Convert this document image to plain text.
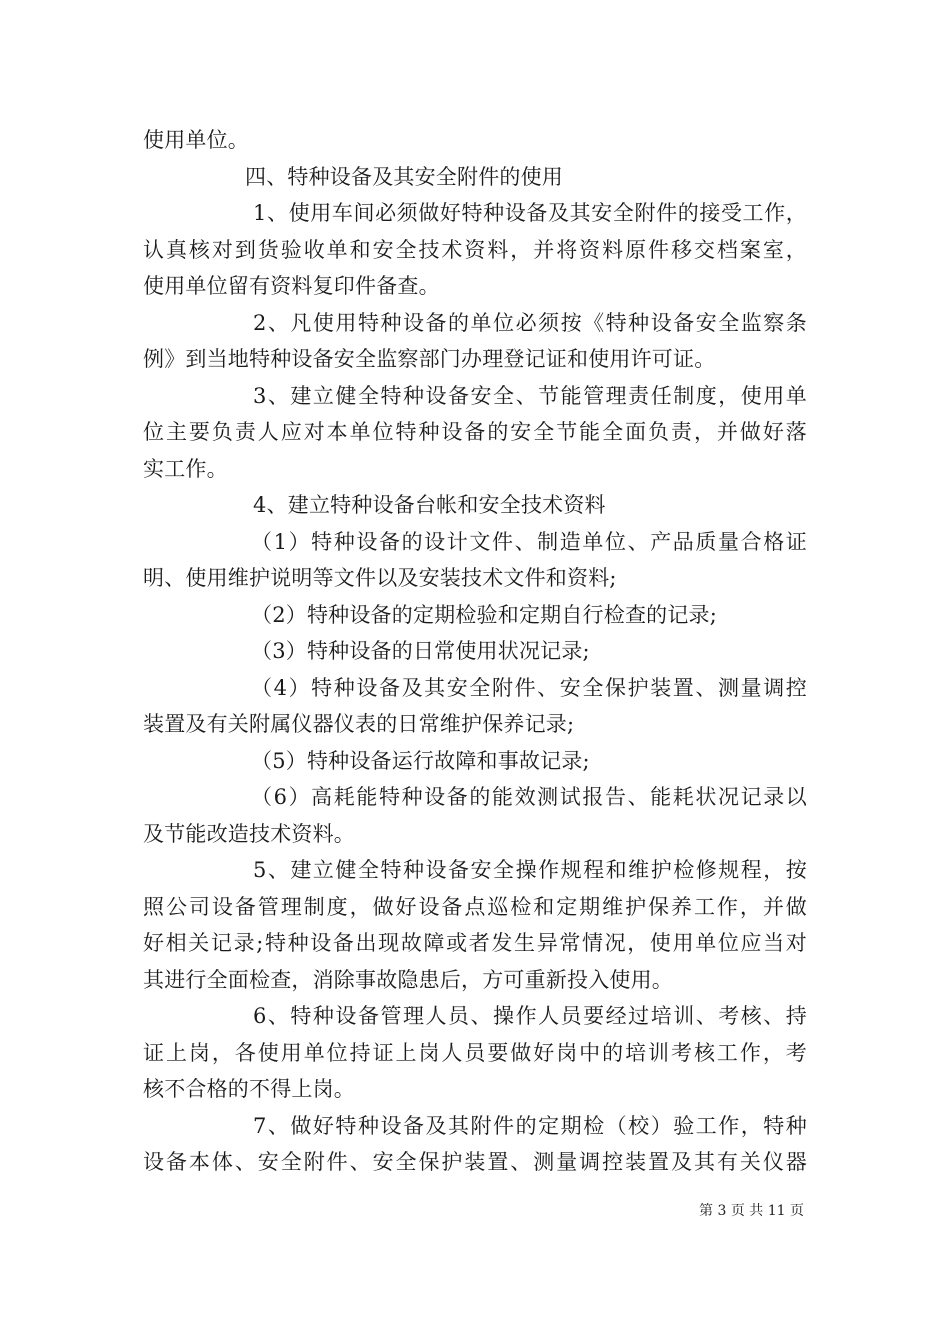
使用单位。
四、特种设备及其安全附件的使用
1、使用车间必须做好特种设备及其安全附件的接受工作，
认真核对到货验收单和安全技术资料，并将资料原件移交档案室，
使用单位留有资料复印件备查。
2、凡使用特种设备的单位必须按《特种设备安全监察条
例》到当地特种设备安全监察部门办理登记证和使用许可证。
3、建立健全特种设备安全、节能管理责任制度，使用单
位主要负责人应对本单位特种设备的安全节能全面负责，并做好落
实工作。
4、建立特种设备台帐和安全技术资料
（1）特种设备的设计文件、制造单位、产品质量合格证
明、使用维护说明等文件以及安装技术文件和资料;
（2）特种设备的定期检验和定期自行检查的记录;
（3）特种设备的日常使用状况记录;
（4）特种设备及其安全附件、安全保护装置、测量调控
装置及有关附属仪器仪表的日常维护保养记录;
（5）特种设备运行故障和事故记录;
（6）高耗能特种设备的能效测试报告、能耗状况记录以
及节能改造技术资料。
5、建立健全特种设备安全操作规程和维护检修规程，按
照公司设备管理制度，做好设备点巡检和定期维护保养工作，并做
好相关记录;特种设备出现故障或者发生异常情况，使用单位应当对
其进行全面检查，消除事故隐患后，方可重新投入使用。
6、特种设备管理人员、操作人员要经过培训、考核、持
证上岗，各使用单位持证上岗人员要做好岗中的培训考核工作，考
核不合格的不得上岗。
7、做好特种设备及其附件的定期检（校）验工作，特种
设备本体、安全附件、安全保护装置、测量调控装置及其有关仪器
第 3 页 共 11 页
